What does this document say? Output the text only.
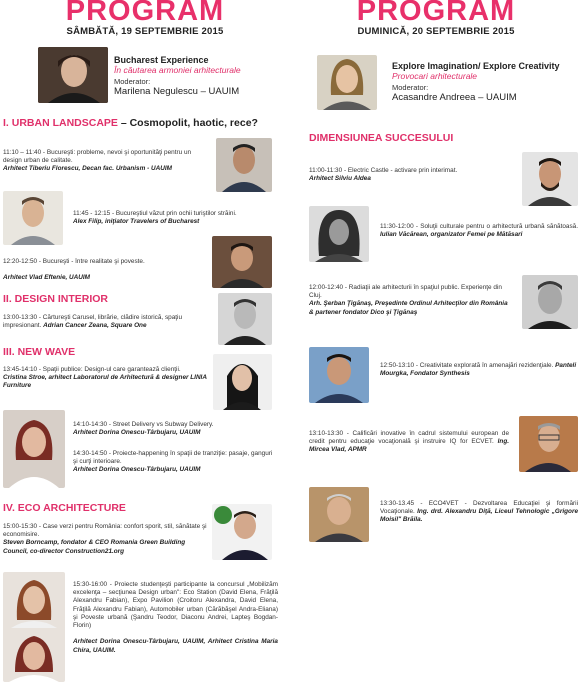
PROGRAM
SÂMBĂTĂ, 19 SEPTEMBRIE 2015
Bucharest Experience
În căutarea armoniei arhitecturale
Moderator:
Marilena Negulescu – UAUIM
I. URBAN LANDSCAPE – Cosmopolit, haotic, rece?
11:10 – 11:40 - Bucureşti: probleme, nevoi şi oportunităţi pentru un design urban de calitate.
Arhitect Tiberiu Florescu, Decan fac. Urbanism - UAUIM
11:45 - 12:15 - Bucureştiul văzut prin ochii turiştilor străini.
Alex Filip, iniţiator Travelers of Bucharest
12:20-12:50 - Bucureşti - între realitate şi poveste.

Arhitect Vlad Eftenie, UAUIM
II. DESIGN INTERIOR
13:00-13:30 - Cărtureşti Carusel, librărie, clădire istorică, spaţiu impresionant. Adrian Cancer Zeana, Square One
III. NEW WAVE
13:45-14:10 - Spaţii publice: Design-ul care garantează clienţii.
Cristina Stroe, arhitect Laboratorul de Arhitectură & designer LINIA Furniture
14:10-14:30 - Street Delivery vs Subway Delivery.
Arhitect Dorina Onescu-Târbujaru, UAUIM
14:30-14:50 - Proiecte-happening în spaţii de tranziţie: pasaje, ganguri şi curţi interioare.
Arhitect Dorina Onescu-Târbujaru, UAUIM
IV. ECO ARCHITECTURE
15:00-15:30 - Case verzi pentru România: confort sporit, stil, sănătate şi economisire.
Steven Borncamp, fondator & CEO Romania Green Building Council, co-director Construction21.org
15:30-16:00 - Proiecte studenţeşti participante la concursul „Mobilizăm excelenţa – secţiunea Design urban": Eco Station (David Elena, Frăţilă Alexandru Fabian), Expo Pavilion (Croitoru Alexandra, David Elena, Frăţilă Alexandru Fabian), Automobiler urban (Cărăbăşel Andra-Eliana) şi Poveste urbană (Şandru Teodor, Diaconu Andrei, Lapteş Bogdan-Florin)

Arhitect Dorina Onescu-Târbujaru, UAUIM, Arhitect Cristina Maria Chira, UAUIM.
PROGRAM
DUMINICĂ, 20 SEPTEMBRIE 2015
Explore Imagination/ Explore Creativity
Provocari arhitecturale
Moderator:
Acasandre Andreea – UAUIM
DIMENSIUNEA SUCCESULUI
11:00-11:30 - Electric Castle - activare prin interimat.
Arhitect Silviu Aldea
11:30-12:00 - Soluţii culturale pentru o arhitectură urbană sănătoasă. Iulian Văcărean, organizator Femei pe Mătăsari
12:00-12:40 - Radiaţii ale arhitecturii în spaţiul public. Experienţe din Cluj.
Arh. Şerban Ţigănaş, Preşedinte Ordinul Arhitecţilor din România & partener fondator Dico şi Ţigănaş
12:50-13:10 - Creativitate explorată în amenajări rezidenţiale. Panteli Mourgka, Fondator Synthesis
13:10-13:30 - Calificări inovative în cadrul sistemului european de credit pentru educaţie vocaţională şi instruire IQ for ECVET. Ing. Mircea Vlad, APMR
13:30-13.45 - ECO4VET - Dezvoltarea Educaţiei şi formării Vocaţionale. Ing. drd. Alexandru Diţă, Liceul Tehnologic „Grigore Moisil" Brăila.
